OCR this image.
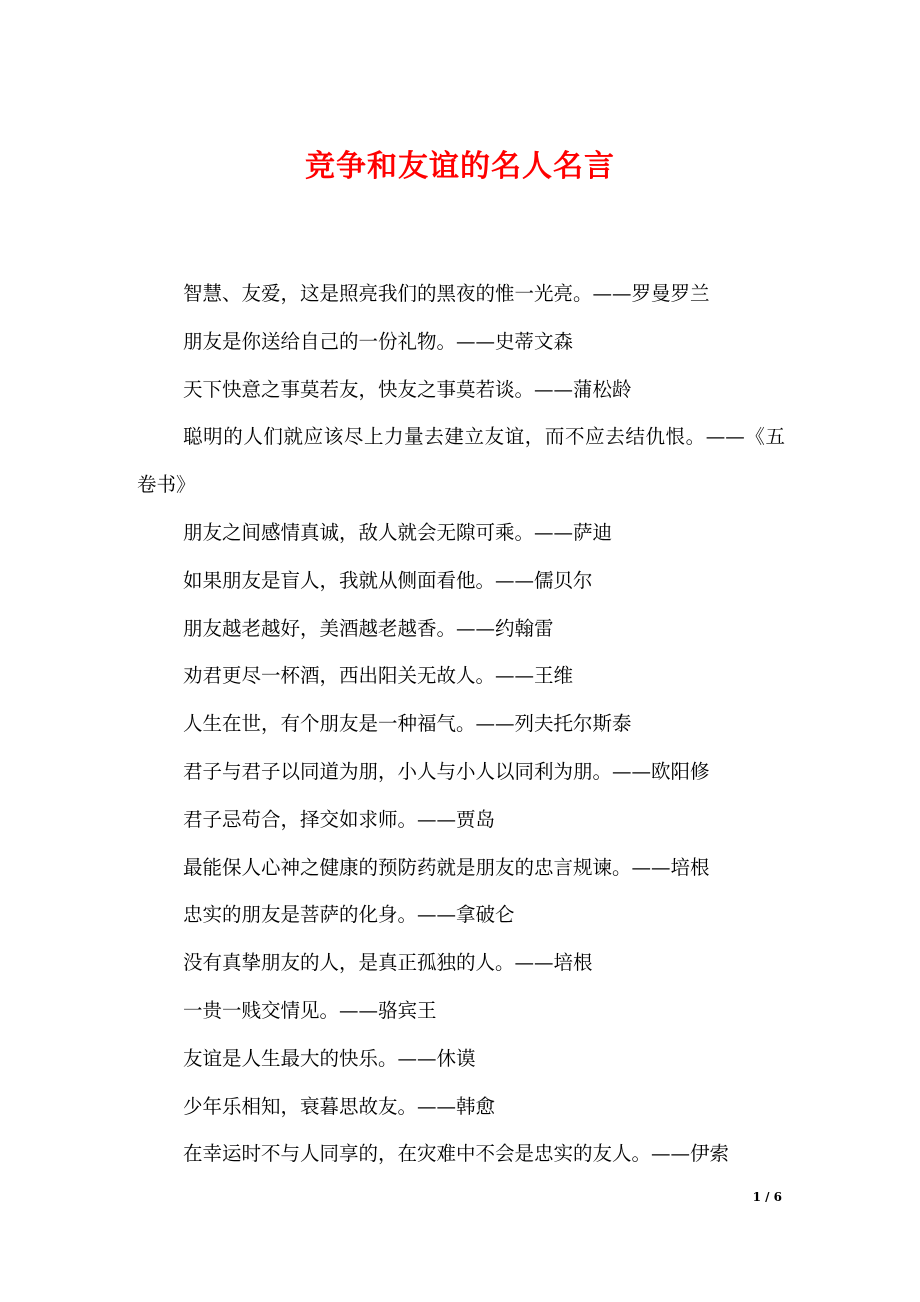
竞争和友谊的名人名言

智慧、友爱，这是照亮我们的黑夜的惟一光亮。——罗曼罗兰

朋友是你送给自己的一份礼物。——史蒂文森

天下快意之事莫若友，快友之事莫若谈。——蒲松龄

聪明的人们就应该尽上力量去建立友谊，而不应去结仇恨。——《五卷书》

朋友之间感情真诚，敌人就会无隙可乘。——萨迪

如果朋友是盲人，我就从侧面看他。——儒贝尔

朋友越老越好，美酒越老越香。——约翰雷

劝君更尽一杯酒，西出阳关无故人。——王维

人生在世，有个朋友是一种福气。——列夫托尔斯泰

君子与君子以同道为朋，小人与小人以同利为朋。——欧阳修

君子忌苟合，择交如求师。——贾岛

最能保人心神之健康的预防药就是朋友的忠言规谏。——培根

忠实的朋友是菩萨的化身。——拿破仑

没有真挚朋友的人，是真正孤独的人。——培根

一贵一贱交情见。——骆宾王

友谊是人生最大的快乐。——休谟

少年乐相知，衰暮思故友。——韩愈

在幸运时不与人同享的，在灾难中不会是忠实的友人。——伊索

1 / 6
